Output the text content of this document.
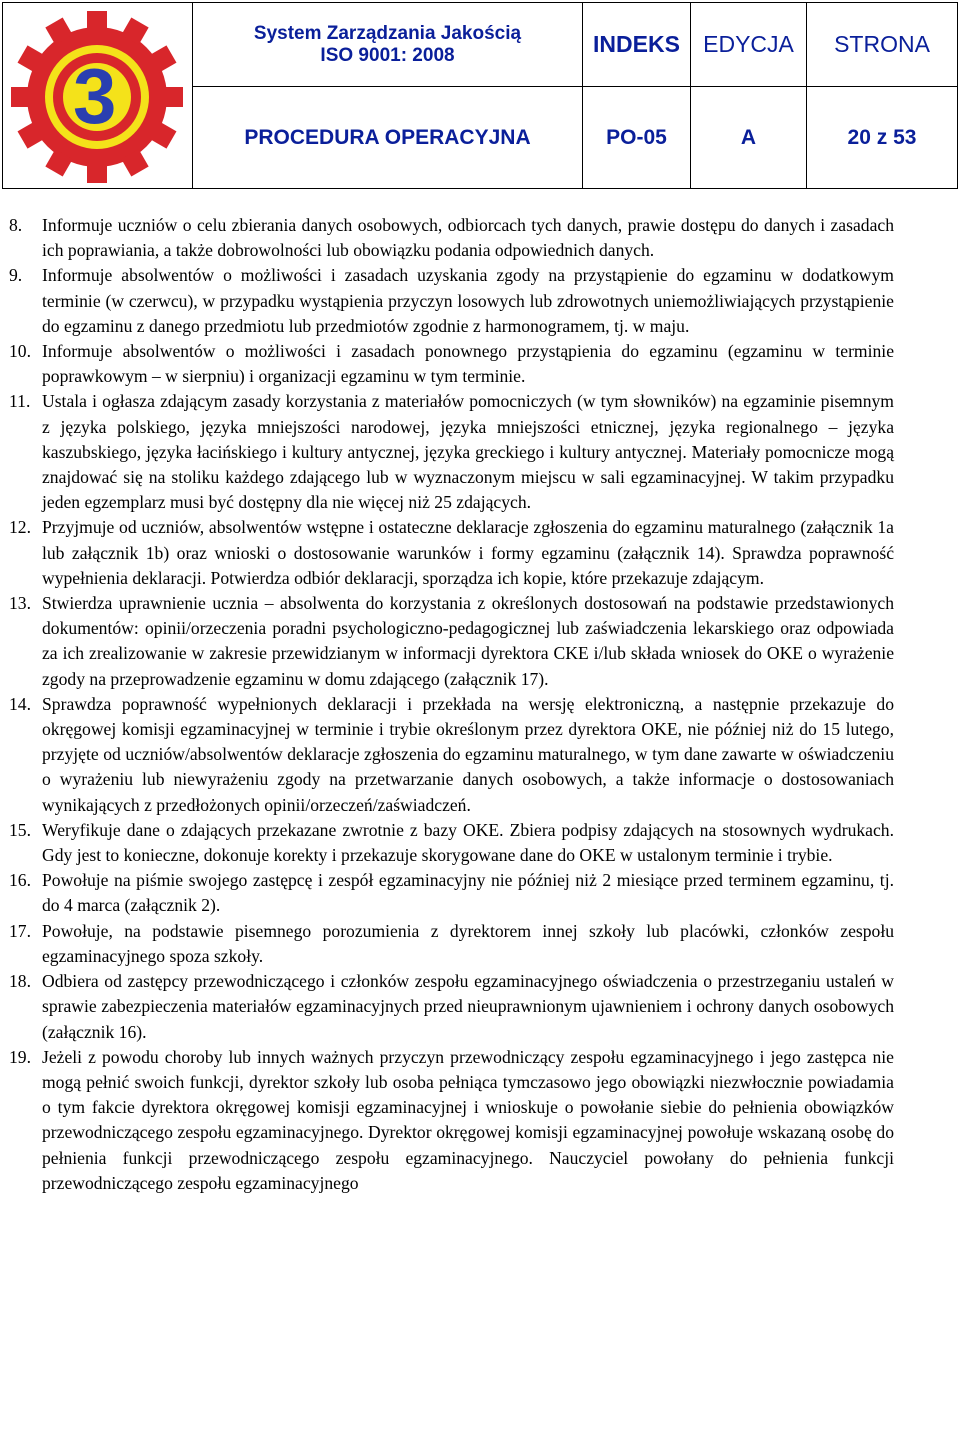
3
System Zarządzania Jakością
ISO 9001: 2008	INDEKS	EDYCJA	STRONA
PROCEDURA OPERACYJNA	PO-05	A	20 z 53

8. Informuje uczniów o celu zbierania danych osobowych, odbiorcach tych danych, prawie dostępu do danych i zasadach ich poprawiania, a także dobrowolności lub obowiązku podania odpowiednich danych.

9. Informuje absolwentów o możliwości i zasadach uzyskania zgody na przystąpienie do egzaminu w dodatkowym terminie (w czerwcu), w przypadku wystąpienia przyczyn losowych lub zdrowotnych uniemożliwiających przystąpienie do egzaminu z danego przedmiotu lub przedmiotów zgodnie z harmonogramem, tj. w maju.

10. Informuje absolwentów o możliwości i zasadach ponownego przystąpienia do egzaminu (egzaminu w terminie poprawkowym – w sierpniu) i organizacji egzaminu w tym terminie.

11. Ustala i ogłasza zdającym zasady korzystania z materiałów pomocniczych (w tym słowników) na egzaminie pisemnym z języka polskiego, języka mniejszości narodowej, języka mniejszości etnicznej, języka regionalnego – języka kaszubskiego, języka łacińskiego i kultury antycznej, języka greckiego i kultury antycznej. Materiały pomocnicze mogą znajdować się na stoliku każdego zdającego lub w wyznaczonym miejscu w sali egzaminacyjnej. W takim przypadku jeden egzemplarz musi być dostępny dla nie więcej niż 25 zdających.

12. Przyjmuje od uczniów, absolwentów wstępne i ostateczne deklaracje zgłoszenia do egzaminu maturalnego (załącznik 1a lub załącznik 1b) oraz wnioski o dostosowanie warunków i formy egzaminu (załącznik 14). Sprawdza poprawność wypełnienia deklaracji. Potwierdza odbiór deklaracji, sporządza ich kopie, które przekazuje zdającym.

13. Stwierdza uprawnienie ucznia – absolwenta do korzystania z określonych dostosowań na podstawie przedstawionych dokumentów: opinii/orzeczenia poradni psychologiczno-pedagogicznej lub zaświadczenia lekarskiego oraz odpowiada za ich zrealizowanie w zakresie przewidzianym w informacji dyrektora CKE i/lub składa wniosek do OKE o wyrażenie zgody na przeprowadzenie egzaminu w domu zdającego (załącznik 17).

14. Sprawdza poprawność wypełnionych deklaracji i przekłada na wersję elektroniczną, a następnie przekazuje do okręgowej komisji egzaminacyjnej w terminie i trybie określonym przez dyrektora OKE, nie później niż do 15 lutego, przyjęte od uczniów/absolwentów deklaracje zgłoszenia do egzaminu maturalnego, w tym dane zawarte w oświadczeniu o wyrażeniu lub niewyrażeniu zgody na przetwarzanie danych osobowych, a także informacje o dostosowaniach wynikających z przedłożonych opinii/orzeczeń/zaświadczeń.

15. Weryfikuje dane o zdających przekazane zwrotnie z bazy OKE. Zbiera podpisy zdających na stosownych wydrukach. Gdy jest to konieczne, dokonuje korekty i przekazuje skorygowane dane do OKE w ustalonym terminie i trybie.

16. Powołuje na piśmie swojego zastępcę i zespół egzaminacyjny nie później niż 2 miesiące przed terminem egzaminu, tj. do 4 marca (załącznik 2).

17. Powołuje, na podstawie pisemnego porozumienia z dyrektorem innej szkoły lub placówki, członków zespołu egzaminacyjnego spoza szkoły.

18. Odbiera od zastępcy przewodniczącego i członków zespołu egzaminacyjnego oświadczenia o przestrzeganiu ustaleń w sprawie zabezpieczenia materiałów egzaminacyjnych przed nieuprawnionym ujawnieniem i ochrony danych osobowych (załącznik 16).

19. Jeżeli z powodu choroby lub innych ważnych przyczyn przewodniczący zespołu egzaminacyjnego i jego zastępca nie mogą pełnić swoich funkcji, dyrektor szkoły lub osoba pełniąca tymczasowo jego obowiązki niezwłocznie powiadamia o tym fakcie dyrektora okręgowej komisji egzaminacyjnej i wnioskuje o powołanie siebie do pełnienia obowiązków przewodniczącego zespołu egzaminacyjnego. Dyrektor okręgowej komisji egzaminacyjnej powołuje wskazaną osobę do pełnienia funkcji przewodniczącego zespołu egzaminacyjnego. Nauczyciel powołany do pełnienia funkcji przewodniczącego zespołu egzaminacyjnego
